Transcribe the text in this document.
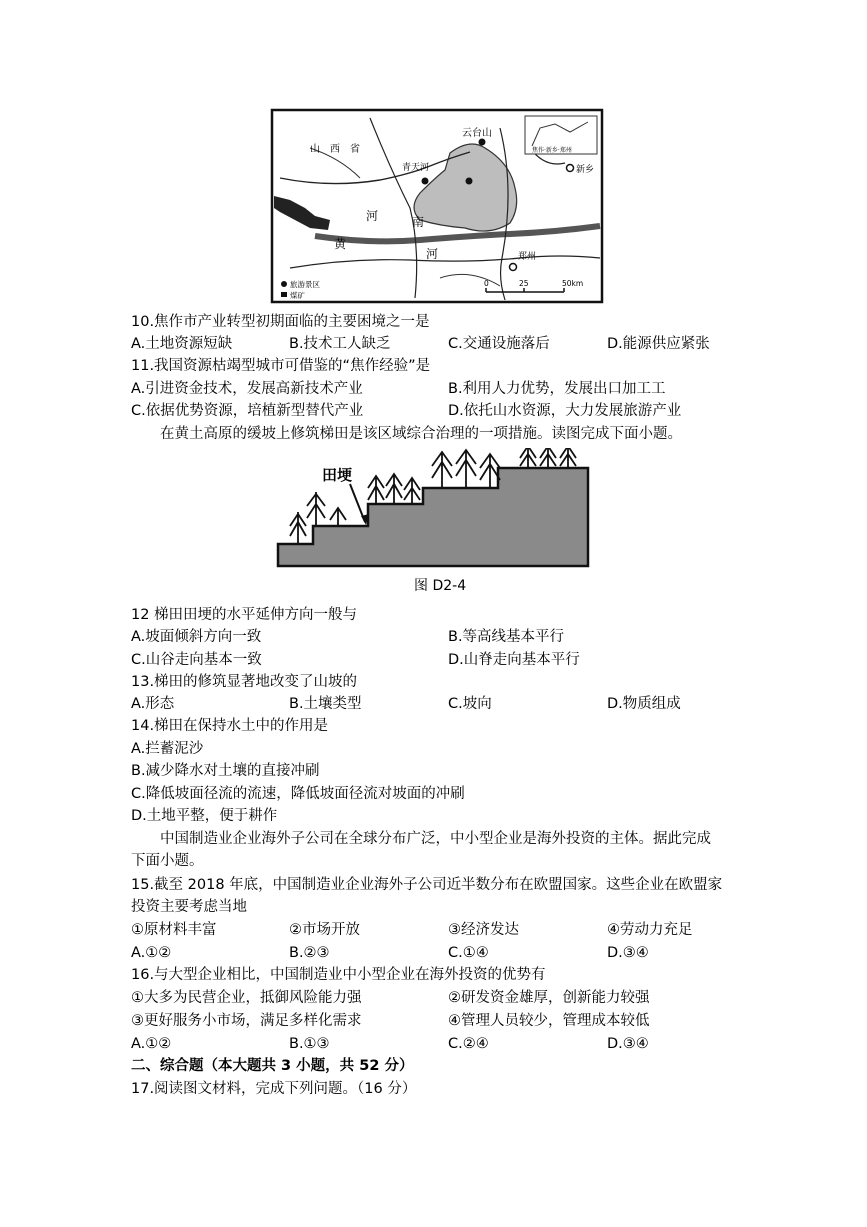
焦作·新乡·郑州
山　西　省
河	南
黄
河
云台山
青天河	新乡
郑州
旅游景区
煤矿
0	25	50km
10.焦作市产业转型初期面临的主要困境之一是
A.土地资源短缺	B.技术工人缺乏	C.交通设施落后	D.能源供应紧张
11.我国资源枯竭型城市可借鉴的“焦作经验”是
A.引进资金技术，发展高新技术产业	B.利用人力优势，发展出口加工工
C.依据优势资源，培植新型替代产业	D.依托山水资源，大力发展旅游产业
在黄土高原的缓坡上修筑梯田是该区域综合治理的一项措施。读图完成下面小题。
田埂
图 D2-4
12 梯田田埂的水平延伸方向一般与
A.坡面倾斜方向一致	B.等高线基本平行
C.山谷走向基本一致	D.山脊走向基本平行
13.梯田的修筑显著地改变了山坡的
A.形态	B.土壤类型	C.坡向	D.物质组成
14.梯田在保持水土中的作用是
A.拦蓄泥沙
B.减少降水对土壤的直接冲刷
C.降低坡面径流的流速，降低坡面径流对坡面的冲刷
D.土地平整，便于耕作
中国制造业企业海外子公司在全球分布广泛，中小型企业是海外投资的主体。据此完成
下面小题。
15.截至 2018 年底，中国制造业企业海外子公司近半数分布在欧盟国家。这些企业在欧盟家
投资主要考虑当地
①原材料丰富	②市场开放	③经济发达	④劳动力充足
A.①②	B.②③	C.①④	D.③④
16.与大型企业相比，中国制造业中小型企业在海外投资的优势有
①大多为民营企业，抵御风险能力强	②研发资金雄厚，创新能力较强
③更好服务小市场，满足多样化需求	④管理人员较少，管理成本较低
A.①②	B.①③	C.②④	D.③④
二、综合题（本大题共 3 小题，共 52 分）
17.阅读图文材料，完成下列问题。（16 分）
